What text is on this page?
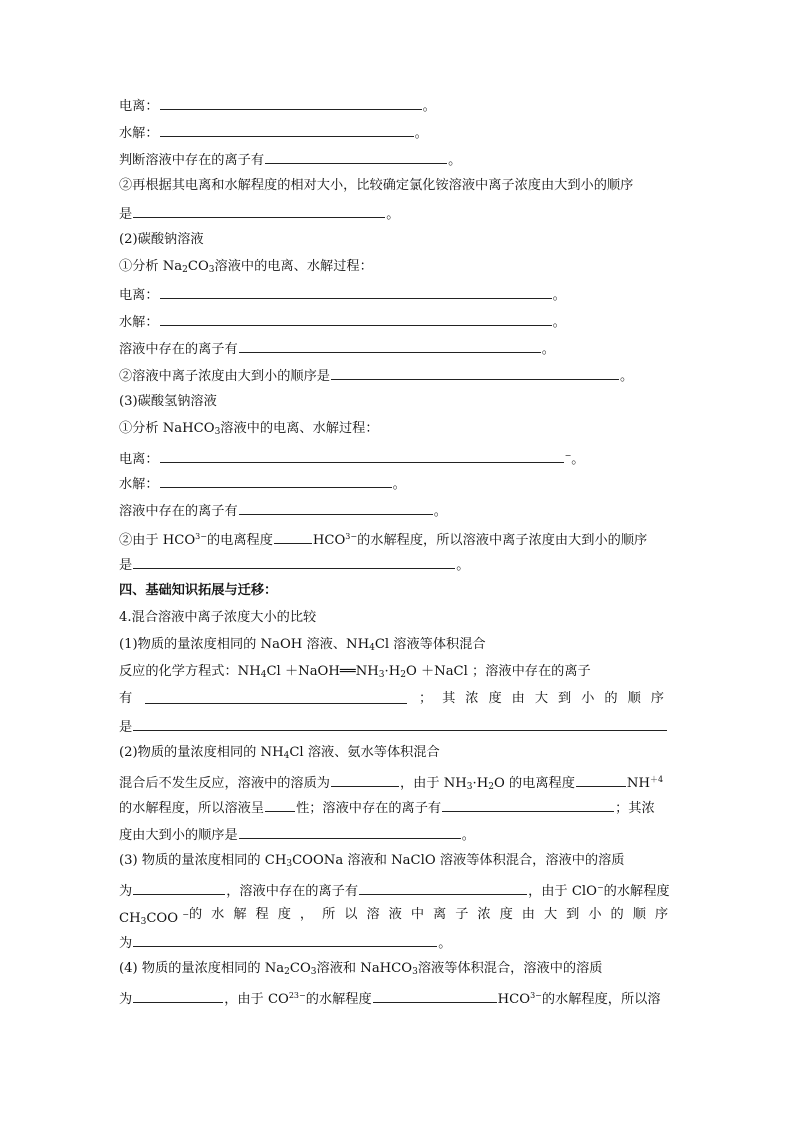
电离：	。
水解：	。
判断溶液中存在的离子有	。
②再根据其电离和水解程度的相对大小，比较确定氯化铵溶液中离子浓度由大到小的顺序
是	。
(2)碳酸钠溶液
①分析 $Na_2CO_3$溶液中的电离、水解过程：
电离：	。
水解：	。
溶液中存在的离子有	。
②溶液中离子浓度由大到小的顺序是	。
(3)碳酸氢钠溶液
①分析 NaHCO$_3$溶液中的电离、水解过程：
电离：	−。
水解：	。
溶液中存在的离子有	。
②由于 $HCO^{3-}$的电离程度	$HCO^{3-}$的水解程度，所以溶液中离子浓度由大到小的顺序
是	。
四、基础知识拓展与迁移：
4.混合溶液中离子浓度大小的比较
(1)物质的量浓度相同的 NaOH 溶液、$NH_4Cl$ 溶液等体积混合
反应的化学方程式：$NH_4Cl$ $+NaOH══NH_3\cdot H_2O$ ＋NaCl ；溶液中存在的离子
有	；其浓度由大到小的顺序
是
(2)物质的量浓度相同的 $NH_4Cl$ 溶液、氨水等体积混合
混合后不发生反应，溶液中的溶质为	，由于 $NH_3\cdot H_2O$ 的电离程度	$NH^{+4}$
的水解程度，所以溶液呈 性；溶液中存在的离子有	；其浓
度由大到小的顺序是	。
(3) 物质的量浓度相同的 $CH_3COONa$ 溶液和 NaClO 溶液等体积混合，溶液中的溶质
为	，溶液中存在的离子有	，由于 ClO−的水解程度
$CH_3COO$ − 的水解程度，所以溶液中离子浓度由大到小的顺序
为	。
(4) 物质的量浓度相同的 $Na_2CO_3$溶液和 NaHCO$_3$溶液等体积混合，溶液中的溶质
为	，由于 $CO^{23-}$的水解程度	$HCO^{3-}$的水解程度，所以溶
